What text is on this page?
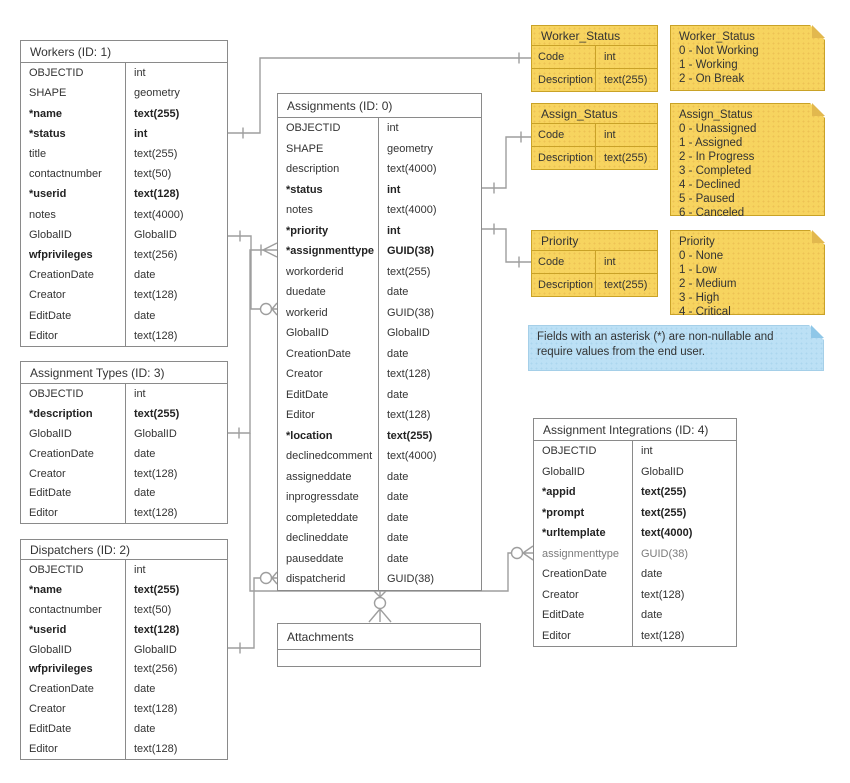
Workers (ID: 1)
OBJECTID	int
SHAPE	geometry
*name	text(255)
*status	int
title	text(255)
contactnumber	text(50)
*userid	text(128)
notes	text(4000)
GlobalID	GlobalID
wfprivileges	text(256)
CreationDate	date
Creator	text(128)
EditDate	date
Editor	text(128)
Assignment Types (ID: 3)
OBJECTID	int
*description	text(255)
GlobalID	GlobalID
CreationDate	date
Creator	text(128)
EditDate	date
Editor	text(128)
Dispatchers (ID: 2)
OBJECTID	int
*name	text(255)
contactnumber	text(50)
*userid	text(128)
GlobalID	GlobalID
wfprivileges	text(256)
CreationDate	date
Creator	text(128)
EditDate	date
Editor	text(128)
Assignments (ID: 0)
OBJECTID	int
SHAPE	geometry
description	text(4000)
*status	int
notes	text(4000)
*priority	int
*assignmenttype	GUID(38)
workorderid	text(255)
duedate	date
workerid	GUID(38)
GlobalID	GlobalID
CreationDate	date
Creator	text(128)
EditDate	date
Editor	text(128)
*location	text(255)
declinedcomment	text(4000)
assigneddate	date
inprogressdate	date
completeddate	date
declineddate	date
pauseddate	date
dispatcherid	GUID(38)
Attachments
Assignment Integrations (ID: 4)
OBJECTID	int
GlobalID	GlobalID
*appid	text(255)
*prompt	text(255)
*urltemplate	text(4000)
assignmenttype	GUID(38)
CreationDate	date
Creator	text(128)
EditDate	date
Editor	text(128)
Worker_Status
Code	int
Description text(255)
Assign_Status
Code	int
Description text(255)
Priority
Code	int
Description text(255)
Worker_Status
0 - Not Working
1 - Working
2 - On Break
Assign_Status
0 - Unassigned
1 - Assigned
2 - In Progress
3 - Completed
4 - Declined
5 - Paused
6 - Canceled
Priority
0 - None
1 - Low
2 - Medium
3 - High
4 - Critical
Fields with an asterisk (*) are non-nullable and require values from the end user.
